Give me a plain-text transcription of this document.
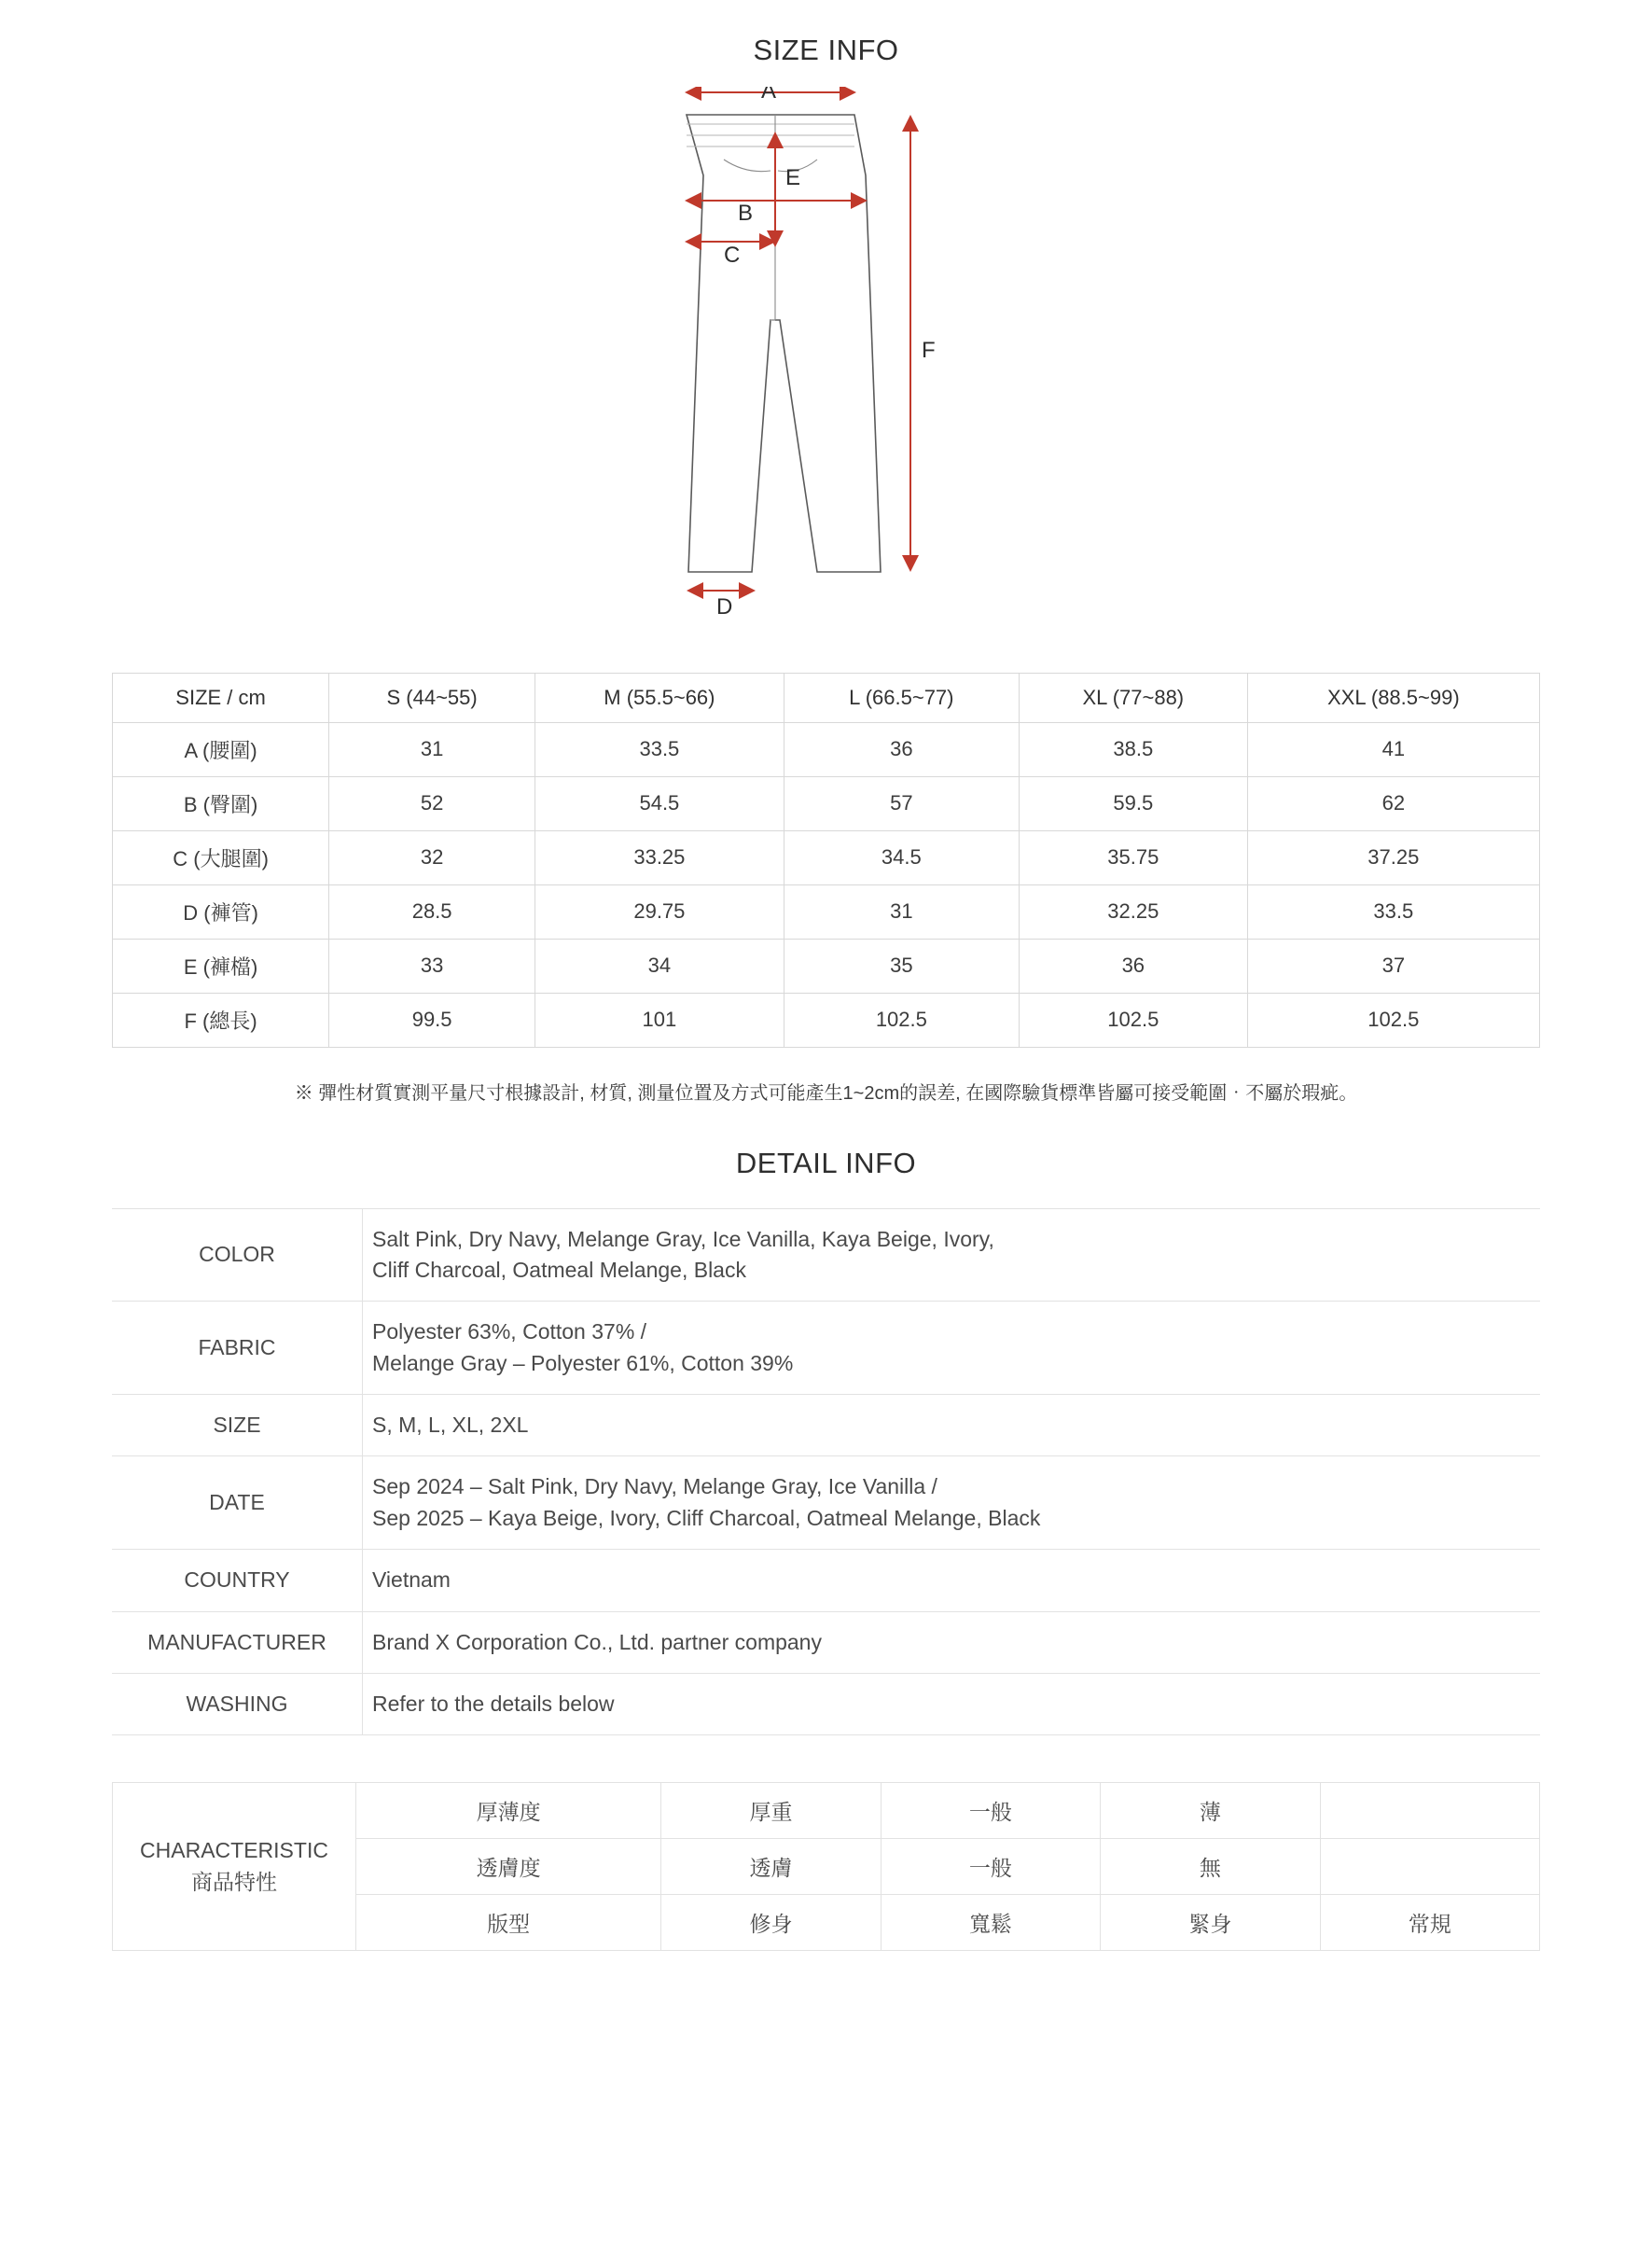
SIZE INFO
A
B
C
D
E
F
SIZE / cm	S (44~55)	M (55.5~66)	L (66.5~77)	XL (77~88)	XXL (88.5~99)
A (腰圍)	31	33.5	36	38.5	41
B (臀圍)	52	54.5	57	59.5	62
C (大腿圍)	32	33.25	34.5	35.75	37.25
D (褲管)	28.5	29.75	31	32.25	33.5
E (褲檔)	33	34	35	36	37
F (總長)	99.5	101	102.5	102.5	102.5

※ 彈性材質實測平量尺寸根據設計, 材質, 測量位置及方式可能產生1~2cm的誤差, 在國際驗貨標準皆屬可接受範圍‧不屬於瑕疵。

DETAIL INFO
COLOR	Salt Pink, Dry Navy, Melange Gray, Ice Vanilla, Kaya Beige, Ivory,
Cliff Charcoal, Oatmeal Melange, Black

FABRIC	Polyester 63%, Cotton 37% /
Melange Gray – Polyester 61%, Cotton 39%

SIZE	S, M, L, XL, 2XL

DATE	Sep 2024 – Salt Pink, Dry Navy, Melange Gray, Ice Vanilla /
Sep 2025 – Kaya Beige, Ivory, Cliff Charcoal, Oatmeal Melange, Black

COUNTRY	Vietnam

MANUFACTURER	Brand X Corporation Co., Ltd. partner company

WASHING	Refer to the details below
CHARACTERISTIC
商品特性	厚薄度	厚重	一般	薄	
	透膚度	透膚	一般	無	
	版型	修身	寬鬆	緊身	常規
